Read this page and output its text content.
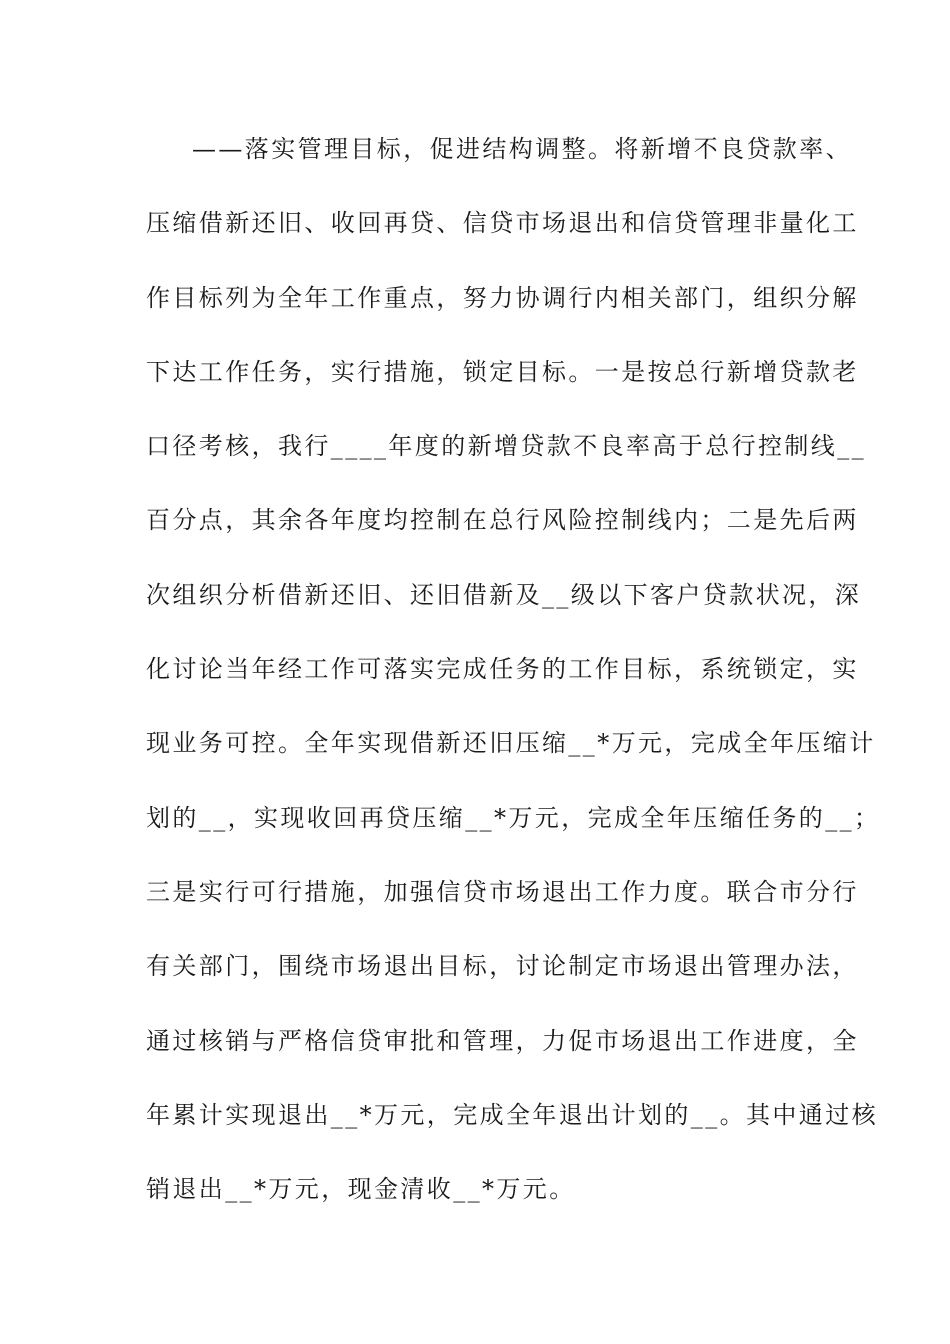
——落实管理目标，促进结构调整。将新增不良贷款率、
压缩借新还旧、收回再贷、信贷市场退出和信贷管理非量化工
作目标列为全年工作重点，努力协调行内相关部门，组织分解
下达工作任务，实行措施，锁定目标。一是按总行新增贷款老
口径考核，我行____年度的新增贷款不良率高于总行控制线__
百分点，其余各年度均控制在总行风险控制线内；二是先后两
次组织分析借新还旧、还旧借新及__级以下客户贷款状况，深
化讨论当年经工作可落实完成任务的工作目标，系统锁定，实
现业务可控。全年实现借新还旧压缩__*万元，完成全年压缩计
划的__，实现收回再贷压缩__*万元，完成全年压缩任务的__；
三是实行可行措施，加强信贷市场退出工作力度。联合市分行
有关部门，围绕市场退出目标，讨论制定市场退出管理办法，
通过核销与严格信贷审批和管理，力促市场退出工作进度，全
年累计实现退出__*万元，完成全年退出计划的__。其中通过核
销退出__*万元，现金清收__*万元。
